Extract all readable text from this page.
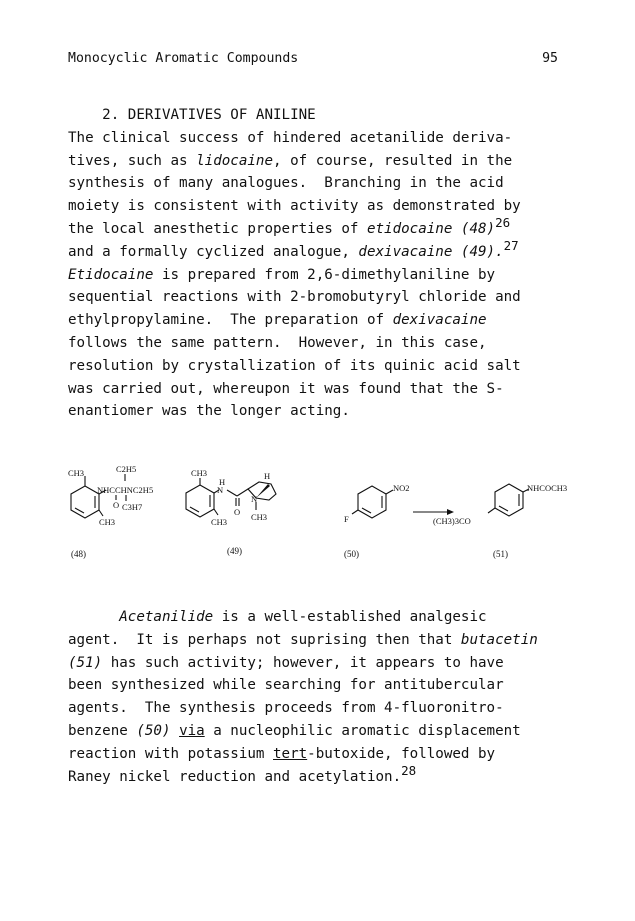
Monocyclic Aromatic Compounds	95
2. DERIVATIVES OF ANILINE
The clinical success of hindered acetanilide deriva-
tives, such as lidocaine, of course, resulted in the
synthesis of many analogues.  Branching in the acid
moiety is consistent with activity as demonstrated by
the local anesthetic properties of etidocaine $(48)^{26}$
and a formally cyclized analogue, dexivacaine (49).$^{27}$
Etidocaine is prepared from 2,6-dimethylaniline by
sequential reactions with 2-bromobutyryl chloride and
ethylpropylamine.  The preparation of dexivacaine
follows the same pattern.  However, in this case,
resolution by crystallization of its quinic acid salt
was carried out, whereupon it was found that the S-
enantiomer was the longer acting.
CH3	C2H5
NHCCHNC2H5
O C3H7
CH3
(48)
CH3
H
N
O
H
N
CH3
CH3
(49)
NO2
F
(50)
NHCOCH3
(CH3)3CO
(51)
Acetanilide is a well-established analgesic
agent.  It is perhaps not suprising then that butacetin
(51) has such activity; however, it appears to have
been synthesized while searching for antitubercular
agents.  The synthesis proceeds from 4-fluoronitro-
benzene (50) via a nucleophilic aromatic displacement
reaction with potassium tert-butoxide, followed by
Raney nickel reduction and acetylation.$^{28}$
